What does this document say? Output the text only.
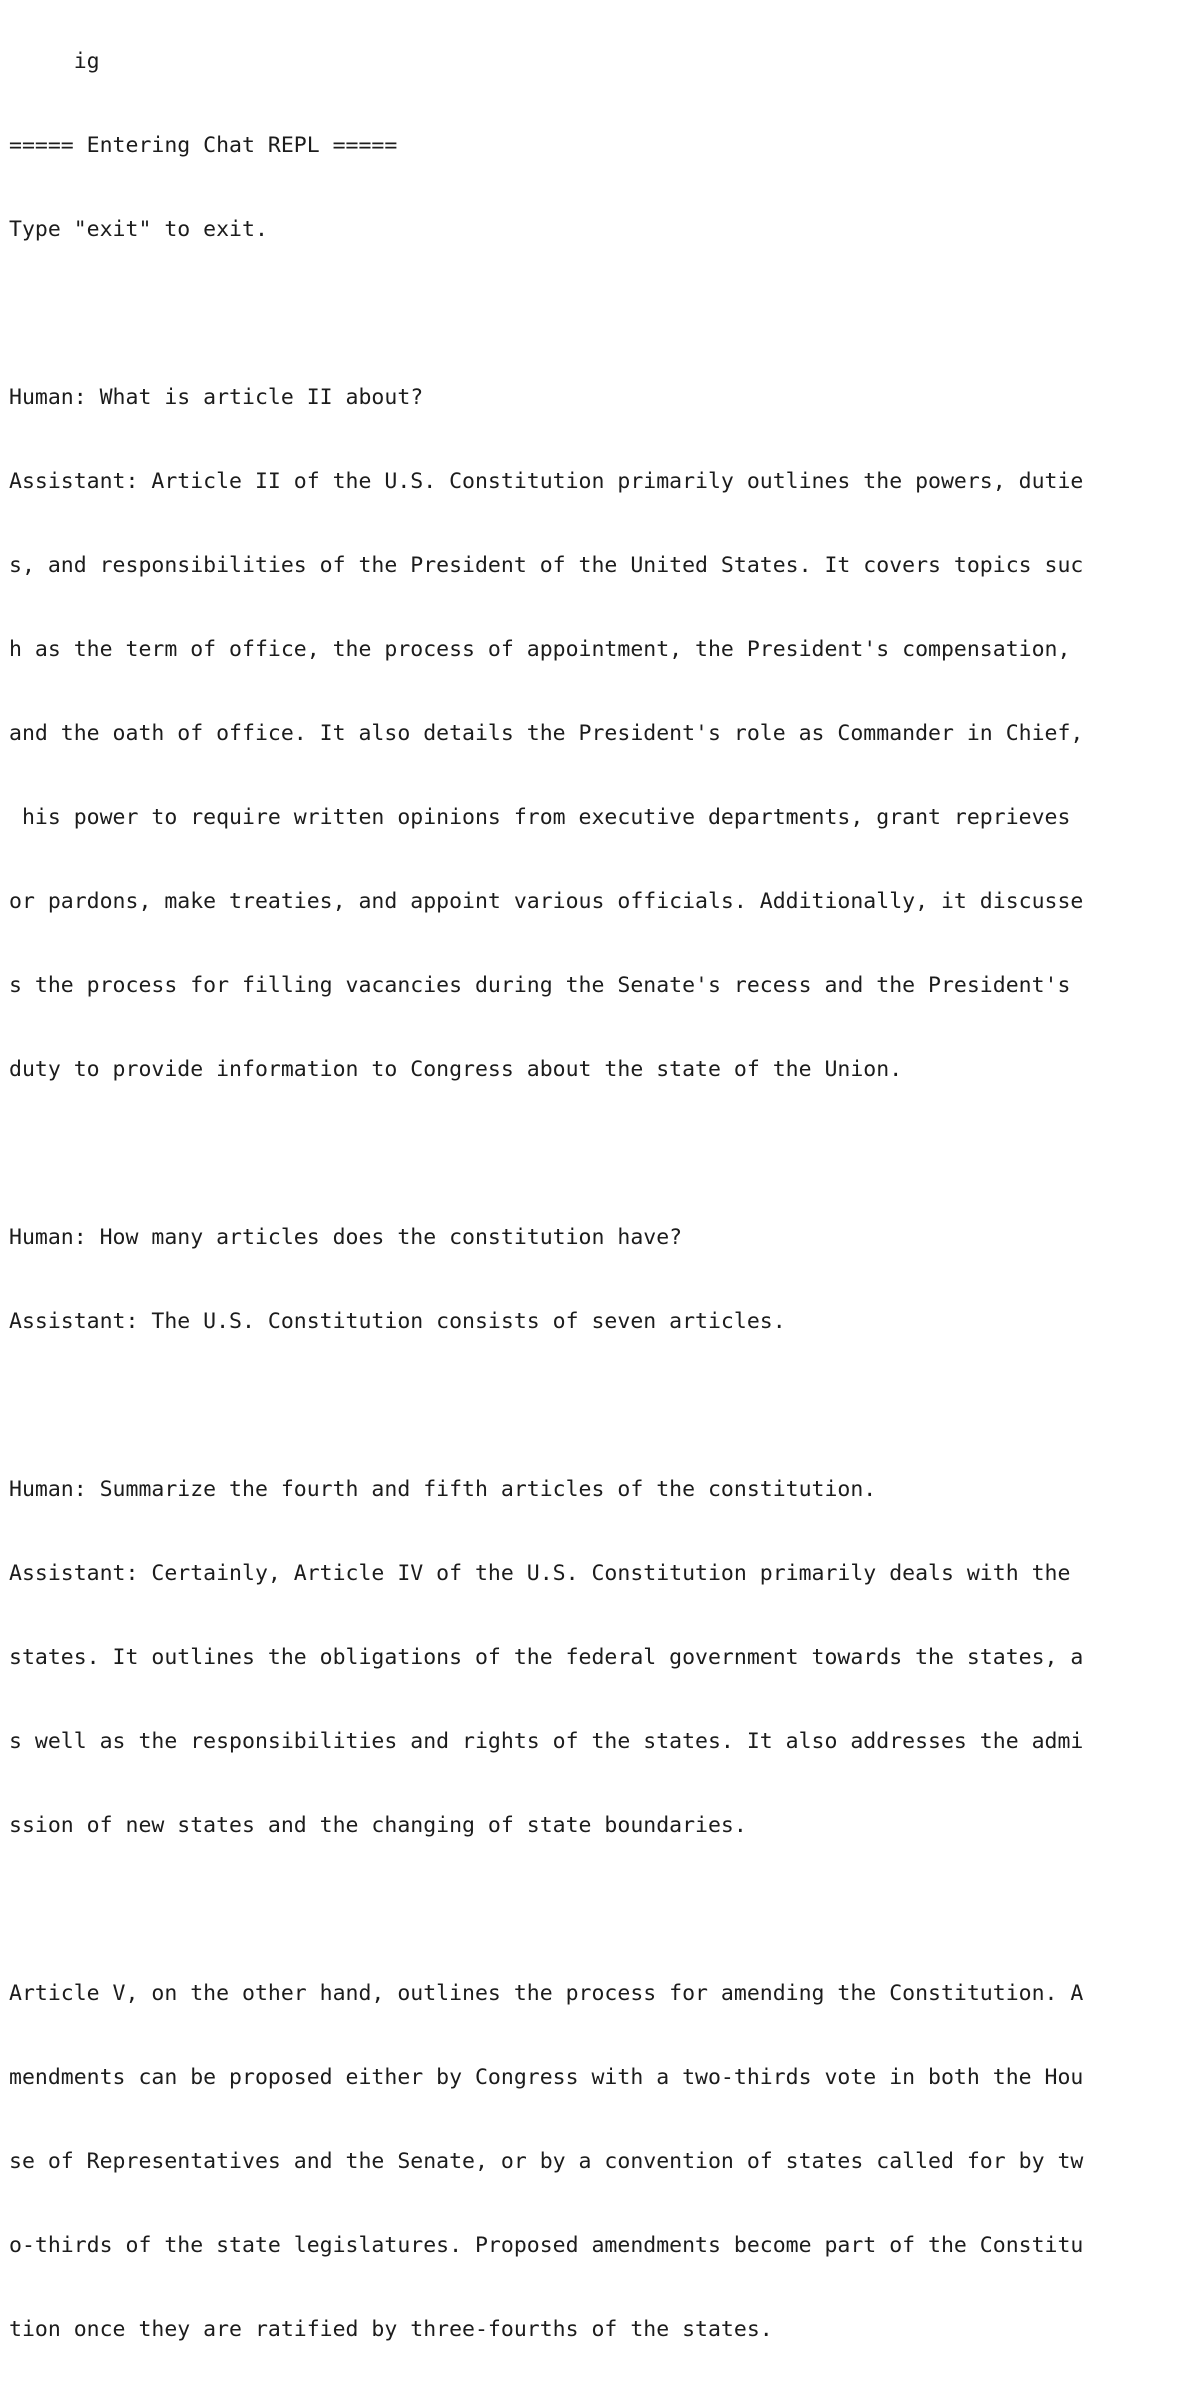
ig

===== Entering Chat REPL =====

Type "exit" to exit.

Human: What is article II about?

Assistant: Article II of the U.S. Constitution primarily outlines the powers, dutie

s, and responsibilities of the President of the United States. It covers topics suc

h as the term of office, the process of appointment, the President's compensation,

and the oath of office. It also details the President's role as Commander in Chief,

his power to require written opinions from executive departments, grant reprieves

or pardons, make treaties, and appoint various officials. Additionally, it discusse

s the process for filling vacancies during the Senate's recess and the President's

duty to provide information to Congress about the state of the Union.

Human: How many articles does the constitution have?

Assistant: The U.S. Constitution consists of seven articles.

Human: Summarize the fourth and fifth articles of the constitution.

Assistant: Certainly, Article IV of the U.S. Constitution primarily deals with the

states. It outlines the obligations of the federal government towards the states, a

s well as the responsibilities and rights of the states. It also addresses the admi

ssion of new states and the changing of state boundaries.

Article V, on the other hand, outlines the process for amending the Constitution. A

mendments can be proposed either by Congress with a two-thirds vote in both the Hou

se of Representatives and the Senate, or by a convention of states called for by tw

o-thirds of the state legislatures. Proposed amendments become part of the Constitu

tion once they are ratified by three-fourths of the states.
